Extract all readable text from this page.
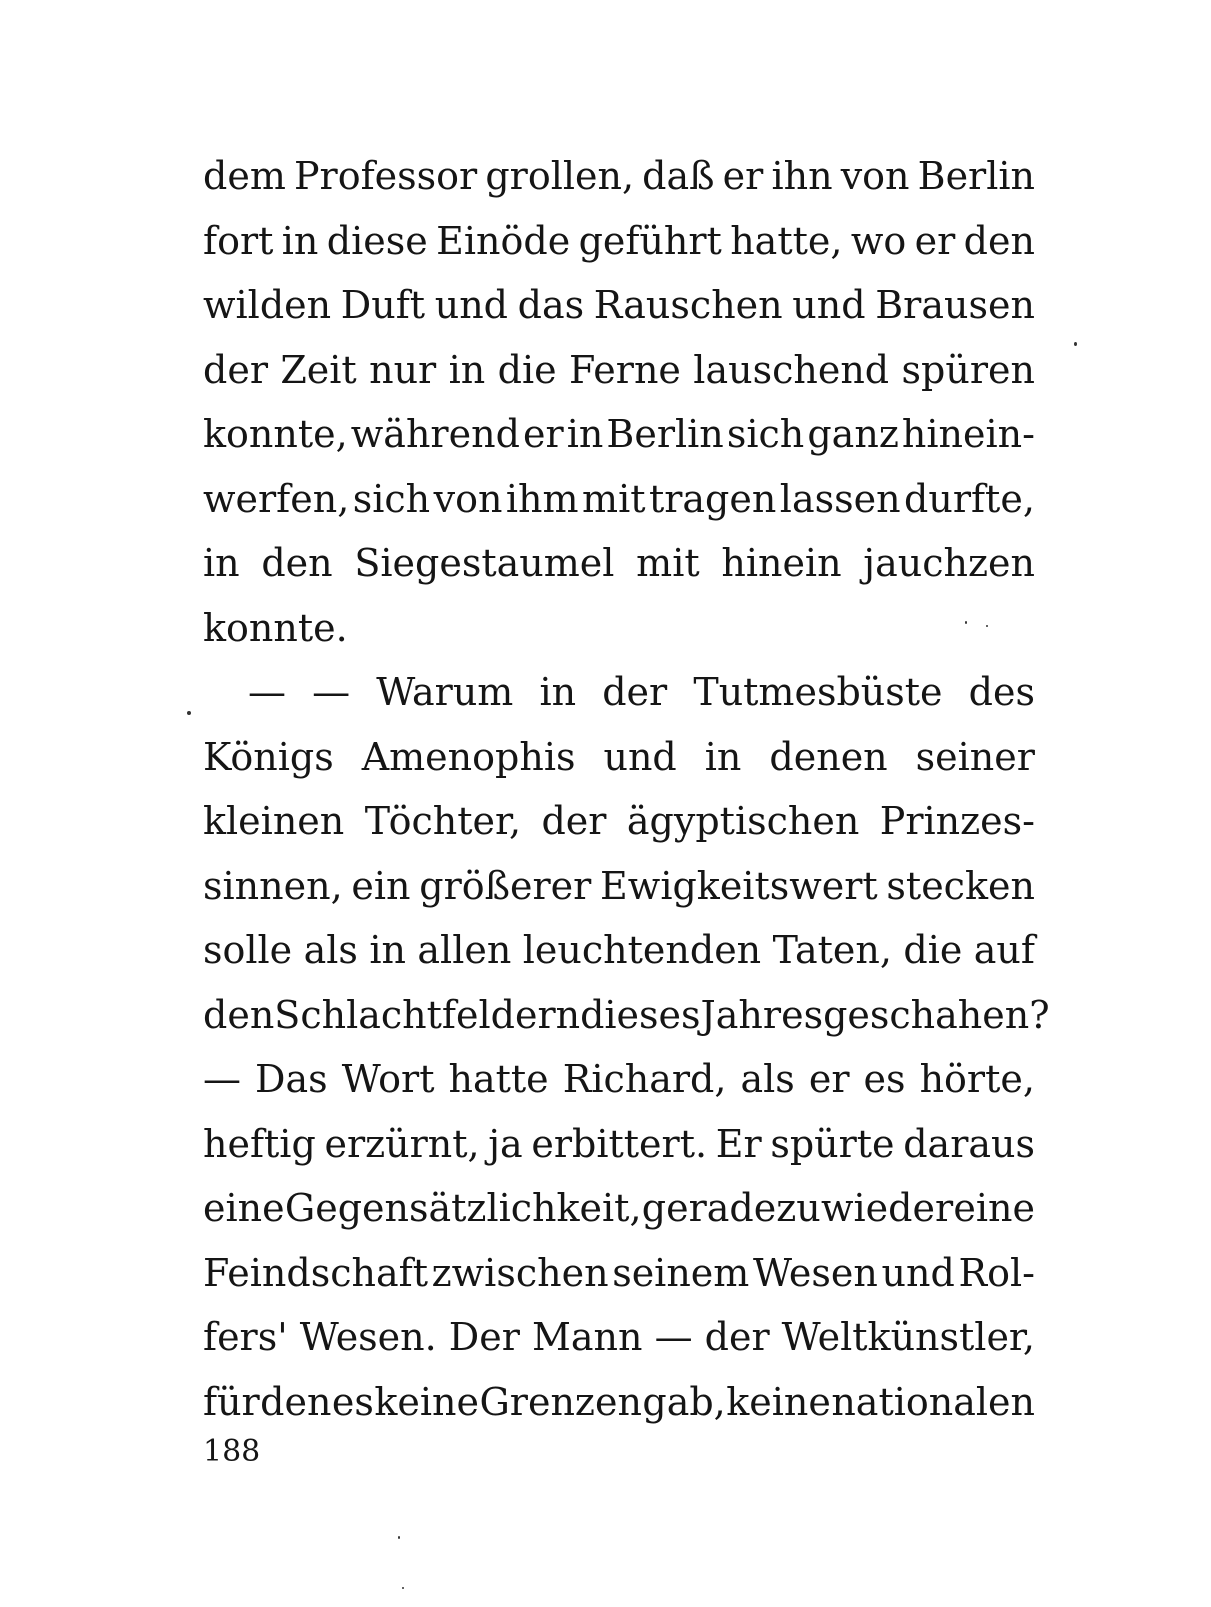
dem Professor grollen, daß er ihn von Berlin
fort in diese Einöde geführt hatte, wo er den
wilden Duft und das Rauschen und Brausen
der Zeit nur in die Ferne lauschend spüren
konnte, während er in Berlin sich ganz hinein-
werfen, sich von ihm mit tragen lassen durfte,
in den Siegestaumel mit hinein jauchzen
konnte.
— — Warum in der Tutmesbüste des
Königs Amenophis und in denen seiner
kleinen Töchter, der ägyptischen Prinzes-
sinnen, ein größerer Ewigkeitswert stecken
solle als in allen leuchtenden Taten, die auf
den Schlachtfeldern dieses Jahres geschahen?
— Das Wort hatte Richard, als er es hörte,
heftig erzürnt, ja erbittert. Er spürte daraus
eine Gegensätzlichkeit, geradezu wieder eine
Feindschaft zwischen seinem Wesen und Rol-
fers' Wesen. Der Mann — der Weltkünstler,
für den es keine Grenzen gab, keine nationalen
188
